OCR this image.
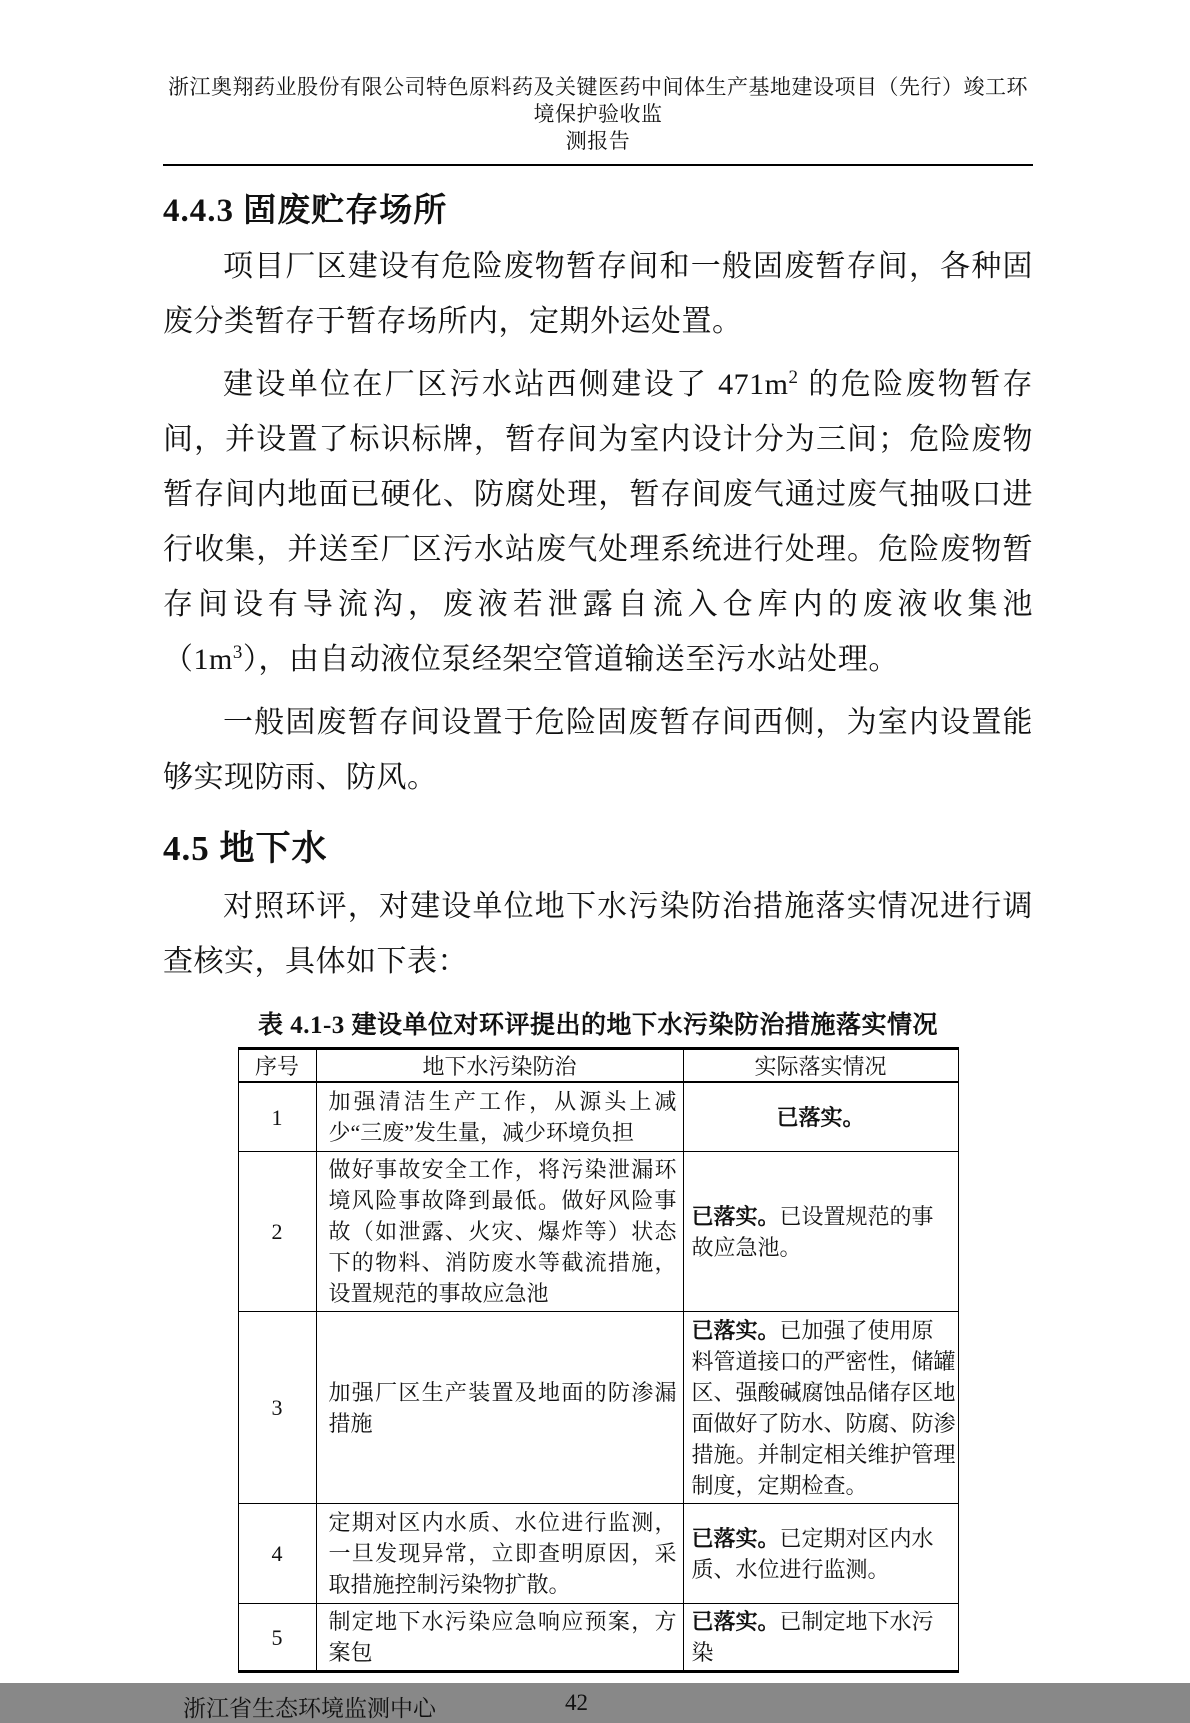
浙江奥翔药业股份有限公司特色原料药及关键医药中间体生产基地建设项目（先行）竣工环境保护验收监
测报告
4.4.3 固废贮存场所

项目厂区建设有危险废物暂存间和一般固废暂存间，各种固废分类暂存于暂存场所内，定期外运处置。

建设单位在厂区污水站西侧建设了 $471m^2$ 的危险废物暂存间，并设置了标识标牌，暂存间为室内设计分为三间；危险废物暂存间内地面已硬化、防腐处理，暂存间废气通过废气抽吸口进行收集，并送至厂区污水站废气处理系统进行处理。危险废物暂存间设有导流沟，废液若泄露自流入仓库内的废液收集池$(1m^3)$，由自动液位泵经架空管道输送至污水站处理。

一般固废暂存间设置于危险固废暂存间西侧，为室内设置能够实现防雨、防风。

4.5 地下水

对照环评，对建设单位地下水污染防治措施落实情况进行调查核实，具体如下表：

表 4.1-3 建设单位对环评提出的地下水污染防治措施落实情况
序号	地下水污染防治	实际落实情况
1	加强清洁生产工作，从源头上减少“三废”发生量，减少环境负担	已落实。
2	做好事故安全工作，将污染泄漏环境风险事故降到最低。做好风险事故（如泄露、火灾、爆炸等）状态下的物料、消防废水等截流措施，设置规范的事故应急池	已落实。已设置规范的事故应急池。
3	加强厂区生产装置及地面的防渗漏措施	已落实。已加强了使用原料管道接口的严密性，储罐区、强酸碱腐蚀品储存区地面做好了防水、防腐、防渗措施。并制定相关维护管理制度，定期检查。
4	定期对区内水质、水位进行监测，一旦发现异常，立即查明原因，采取措施控制污染物扩散。	已落实。已定期对区内水质、水位进行监测。
5	制定地下水污染应急响应预案，方案包	已落实。已制定地下水污染
浙江省生态环境监测中心	42
